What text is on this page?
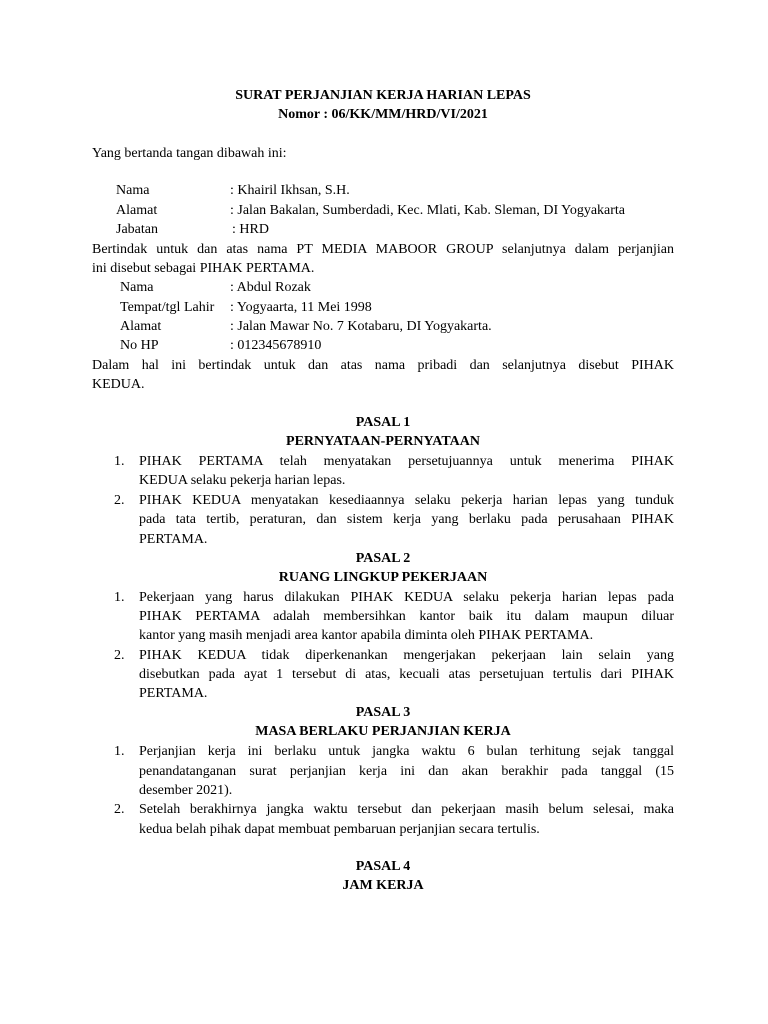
SURAT PERJANJIAN KERJA HARIAN LEPAS
Nomor : 06/KK/MM/HRD/VI/2021
Yang bertanda tangan dibawah ini:
Nama	: Khairil Ikhsan, S.H.
Alamat	: Jalan Bakalan, Sumberdadi, Kec. Mlati, Kab. Sleman, DI Yogyakarta
Jabatan	: HRD
Bertindak untuk dan atas nama PT MEDIA MABOOR GROUP selanjutnya dalam perjanjian
ini disebut sebagai PIHAK PERTAMA.
Nama	: Abdul Rozak
Tempat/tgl Lahir : Yogyaarta, 11 Mei 1998
Alamat	: Jalan Mawar No. 7 Kotabaru, DI Yogyakarta.
No HP	: 012345678910
Dalam hal ini bertindak untuk dan atas nama pribadi dan selanjutnya disebut PIHAK
KEDUA.
PASAL 1
PERNYATAAN-PERNYATAAN
1. PIHAK PERTAMA telah menyatakan persetujuannya untuk menerima PIHAK
KEDUA selaku pekerja harian lepas.
2. PIHAK KEDUA menyatakan kesediaannya selaku pekerja harian lepas yang tunduk
pada tata tertib, peraturan, dan sistem kerja yang berlaku pada perusahaan PIHAK
PERTAMA.
PASAL 2
RUANG LINGKUP PEKERJAAN
1. Pekerjaan yang harus dilakukan PIHAK KEDUA selaku pekerja harian lepas pada
PIHAK PERTAMA adalah membersihkan kantor baik itu dalam maupun diluar
kantor yang masih menjadi area kantor apabila diminta oleh PIHAK PERTAMA.
2. PIHAK KEDUA tidak diperkenankan mengerjakan pekerjaan lain selain yang
disebutkan pada ayat 1 tersebut di atas, kecuali atas persetujuan tertulis dari PIHAK
PERTAMA.
PASAL 3
MASA BERLAKU PERJANJIAN KERJA
1. Perjanjian kerja ini berlaku untuk jangka waktu 6 bulan terhitung sejak tanggal
penandatanganan surat perjanjian kerja ini dan akan berakhir pada tanggal (15
desember 2021).
2. Setelah berakhirnya jangka waktu tersebut dan pekerjaan masih belum selesai, maka
kedua belah pihak dapat membuat pembaruan perjanjian secara tertulis.
PASAL 4
JAM KERJA
